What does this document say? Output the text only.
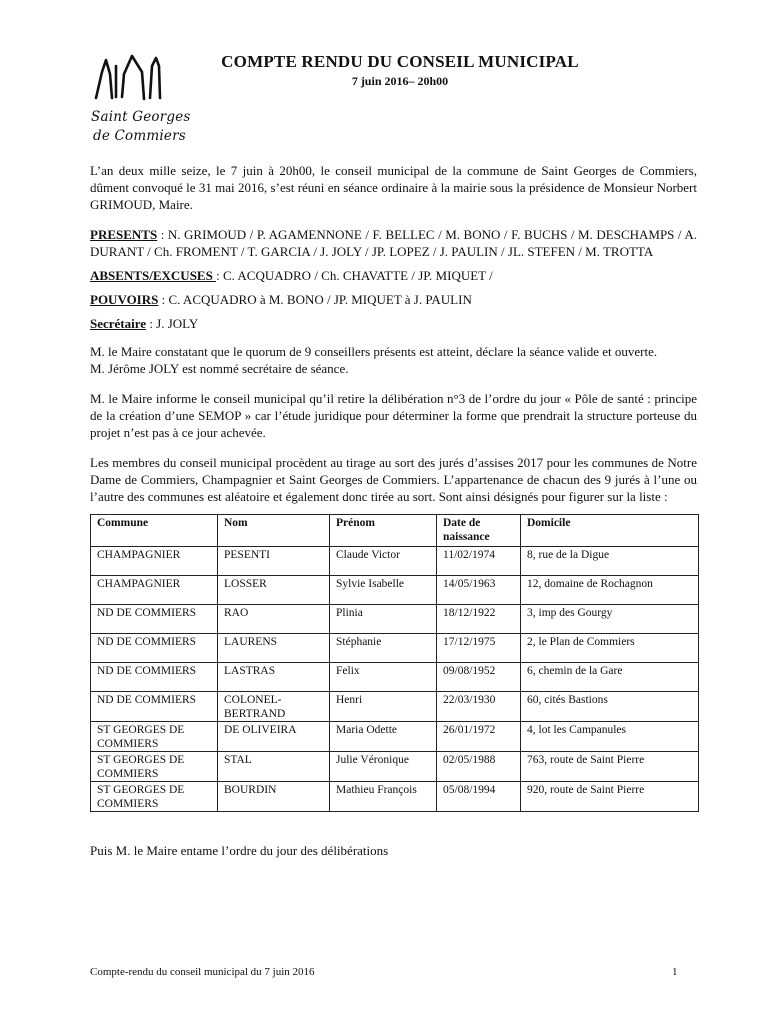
Saint Georges
de Commiers
COMPTE RENDU DU CONSEIL MUNICIPAL
7 juin 2016– 20h00

L’an deux mille seize, le 7 juin à 20h00, le conseil municipal de la commune de Saint Georges de Commiers, dûment convoqué le 31 mai 2016, s’est réuni en séance ordinaire à la mairie sous la présidence de Monsieur Norbert GRIMOUD, Maire.

PRESENTS : N. GRIMOUD / P. AGAMENNONE / F. BELLEC / M. BONO / F. BUCHS / M. DESCHAMPS / A. DURANT / Ch. FROMENT / T. GARCIA / J. JOLY / JP. LOPEZ / J. PAULIN / JL. STEFEN / M. TROTTA

ABSENTS/EXCUSES : C. ACQUADRO / Ch. CHAVATTE / JP. MIQUET /

POUVOIRS : C. ACQUADRO à M. BONO / JP. MIQUET à J. PAULIN

Secrétaire : J. JOLY

M. le Maire constatant que le quorum de 9 conseillers présents est atteint, déclare la séance valide et ouverte.

M. Jérôme JOLY est nommé secrétaire de séance.

M. le Maire informe le conseil municipal qu’il retire la délibération n°3 de l’ordre du jour « Pôle de santé : principe de la création d’une SEMOP » car l’étude juridique pour déterminer la forme que prendrait la structure porteuse du projet n’est pas à ce jour achevée.

Les membres du conseil municipal procèdent au tirage au sort des jurés d’assises 2017 pour les communes de Notre Dame de Commiers, Champagnier et Saint Georges de Commiers. L’appartenance de chacun des 9 jurés à l’une ou l’autre des communes est aléatoire et également donc tirée au sort. Sont ainsi désignés pour figurer sur la liste :

Commune	Nom	Prénom	Date de naissance	Domicile
CHAMPAGNIER	PESENTI	Claude Victor	11/02/1974	8, rue de la Digue
CHAMPAGNIER	LOSSER	Sylvie Isabelle	14/05/1963	12, domaine de Rochagnon
ND DE COMMIERS	RAO	Plinia	18/12/1922	3, imp des Gourgy
ND DE COMMIERS	LAURENS	Stéphanie	17/12/1975	2, le Plan de Commiers
ND DE COMMIERS	LASTRAS	Felix	09/08/1952	6, chemin de la Gare
ND DE COMMIERS	COLONEL-BERTRAND	Henri	22/03/1930	60, cités Bastions
ST GEORGES DE COMMIERS	DE OLIVEIRA	Maria Odette	26/01/1972	4, lot les Campanules
ST GEORGES DE COMMIERS	STAL	Julie Véronique	02/05/1988	763, route de Saint Pierre
ST GEORGES DE COMMIERS	BOURDIN	Mathieu François	05/08/1994	920, route de Saint Pierre

Puis M. le Maire entame l’ordre du jour des délibérations

Compte-rendu du conseil municipal du 7 juin 2016	1
